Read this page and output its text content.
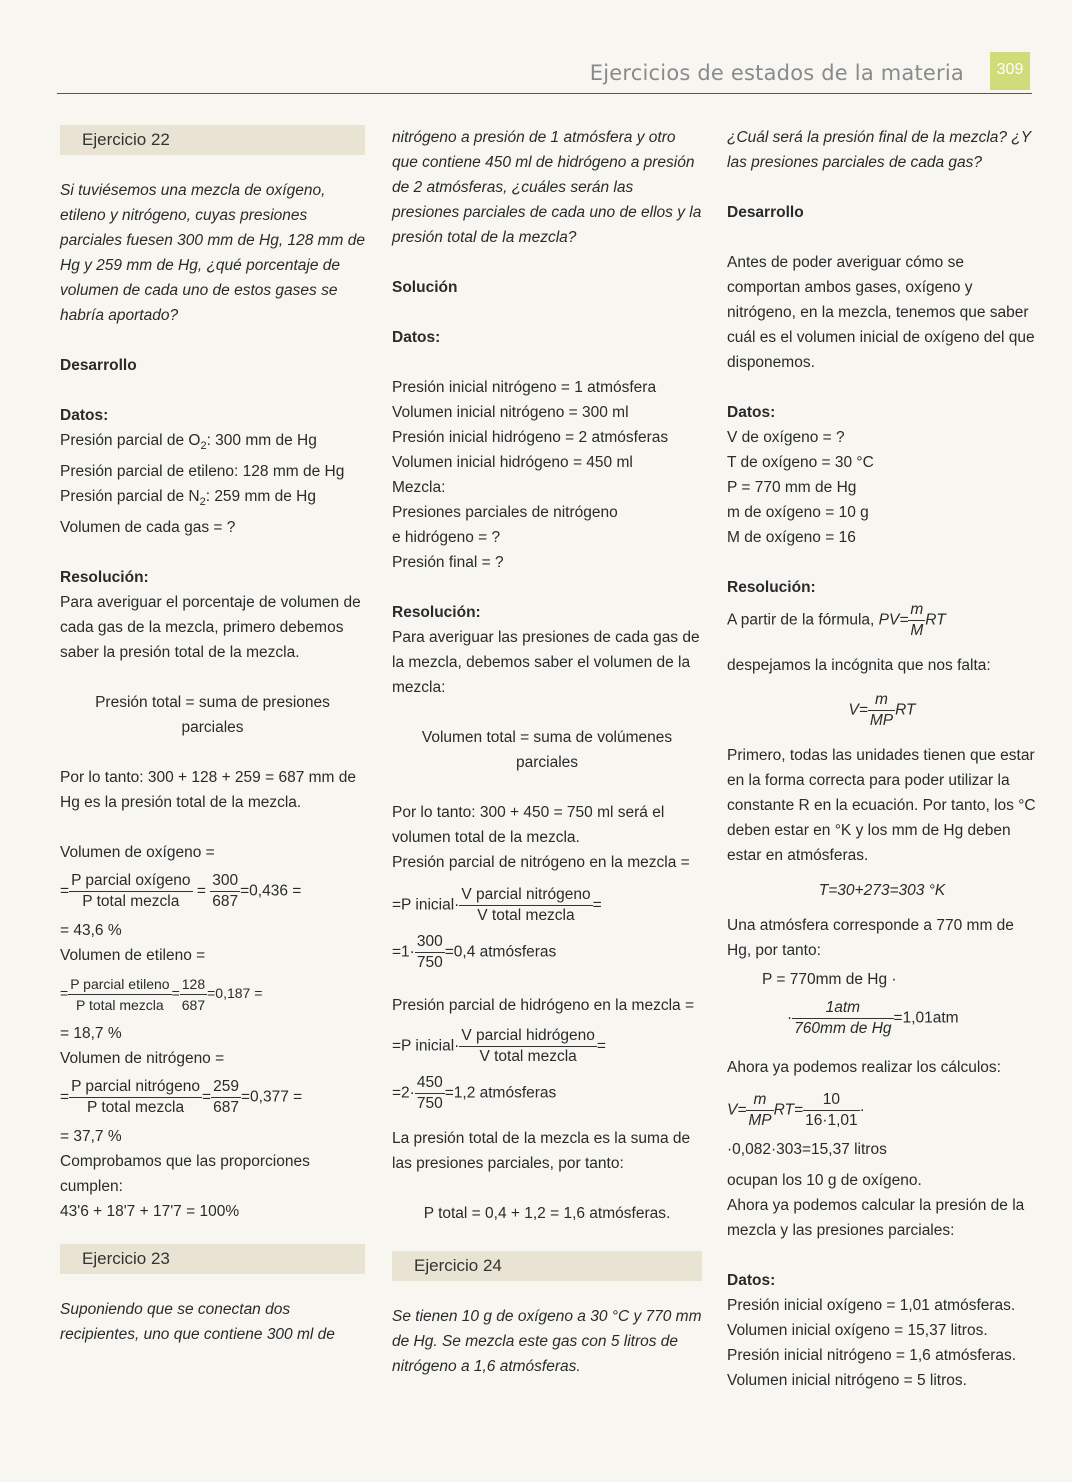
Ejercicios de estados de la materia	309
Ejercicio 22
Si tuviésemos una mezcla de oxígeno, etileno y nitrógeno, cuyas presiones parciales fuesen 300 mm de Hg, 128 mm de Hg y 259 mm de Hg, ¿qué porcentaje de volumen de cada uno de estos gases se habría aportado?
Desarrollo
Datos:
Presión parcial de $O_2$: 300 mm de Hg
Presión parcial de etileno: 128 mm de Hg
Presión parcial de $N_2$: 259 mm de Hg
Volumen de cada gas = ?
Resolución:
Para averiguar el porcentaje de volumen de cada gas de la mezcla, primero debemos saber la presión total de la mezcla.
Presión total = suma de presiones parciales
Por lo tanto: 300 + 128 + 259 = 687 mm de Hg es la presión total de la mezcla.
Volumen de oxígeno =
= $\frac{\text{P parcial oxígeno}}{\text{P total mezcla}} = \frac{300}{687} =0,436$ =
= 43,6 %
Volumen de etileno =
= $\frac{\text{P parcial etileno}}{\text{P total mezcla}} = \frac{128}{687} =0,187$ =
= 18,7 %
Volumen de nitrógeno =
= $\frac{\text{P parcial nitrógeno}}{\text{P total mezcla}} = \frac{259}{687} =0,377$ =
= 37,7 %
Comprobamos que las proporciones cumplen:
43'6 + 18'7 + 17'7 = 100%
Ejercicio 23
Suponiendo que se conectan dos recipientes, uno que contiene 300 ml de
nitrógeno a presión de 1 atmósfera y otro que contiene 450 ml de hidrógeno a presión de 2 atmósferas, ¿cuáles serán las presiones parciales de cada uno de ellos y la presión total de la mezcla?
Solución
Datos:
Presión inicial nitrógeno = 1 atmósfera
Volumen inicial nitrógeno = 300 ml
Presión inicial hidrógeno = 2 atmósferas
Volumen inicial hidrógeno = 450 ml
Mezcla:
Presiones parciales de nitrógeno
e hidrógeno = ?
Presión final = ?
Resolución:
Para averiguar las presiones de cada gas de la mezcla, debemos saber el volumen de la mezcla:
Volumen total = suma de volúmenes parciales
Por lo tanto: 300 + 450 = 750 ml será el volumen total de la mezcla.
Presión parcial de nitrógeno en la mezcla =
=P inicial· $\frac{\text{V parcial nitrógeno}}{\text{V total mezcla}}$ =
$=1\cdot \frac{300}{750} =0,4$ atmósferas
Presión parcial de hidrógeno en la mezcla =
=P inicial· $\frac{\text{V parcial hidrógeno}}{\text{V total mezcla}}$ =
$=2\cdot \frac{450}{750} =1,2$ atmósferas
La presión total de la mezcla es la suma de las presiones parciales, por tanto:
P total = 0,4 + 1,2 = 1,6 atmósferas.
Ejercicio 24
Se tienen 10 g de oxígeno a 30 °C y 770 mm de Hg. Se mezcla este gas con 5 litros de nitrógeno a 1,6 atmósferas.
¿Cuál será la presión final de la mezcla? ¿Y las presiones parciales de cada gas?
Desarrollo
Antes de poder averiguar cómo se comportan ambos gases, oxígeno y nitrógeno, en la mezcla, tenemos que saber cuál es el volumen inicial de oxígeno del que disponemos.
Datos:
V de oxígeno = ?
T de oxígeno = 30 °C
P = 770 mm de Hg
m de oxígeno = 10 g
M de oxígeno = 16
Resolución:
A partir de la fórmula, $PV= \frac{m}{M}$ RT
despejamos la incógnita que nos falta:
$V= \frac{m}{MP}$ RT
Primero, todas las unidades tienen que estar en la forma correcta para poder utilizar la constante R en la ecuación. Por tanto, los °C deben estar en °K y los mm de Hg deben estar en atmósferas.
T=30+273=303 °K
Una atmósfera corresponde a 770 mm de Hg, por tanto:
P = 770mm de Hg ·
· $\frac{\text{1atm}}{\text{760mm de Hg}} =1,01atm$
Ahora ya podemos realizar los cálculos:
$V= \frac{m}{MP} RT= \frac{10}{16\cdot 1,01}$ ·
·0,082·303=15,37 litros
ocupan los 10 g de oxígeno.
Ahora ya podemos calcular la presión de la mezcla y las presiones parciales:
Datos:
Presión inicial oxígeno = 1,01 atmósferas.
Volumen inicial oxígeno = 15,37 litros.
Presión inicial nitrógeno = 1,6 atmósferas.
Volumen inicial nitrógeno = 5 litros.
